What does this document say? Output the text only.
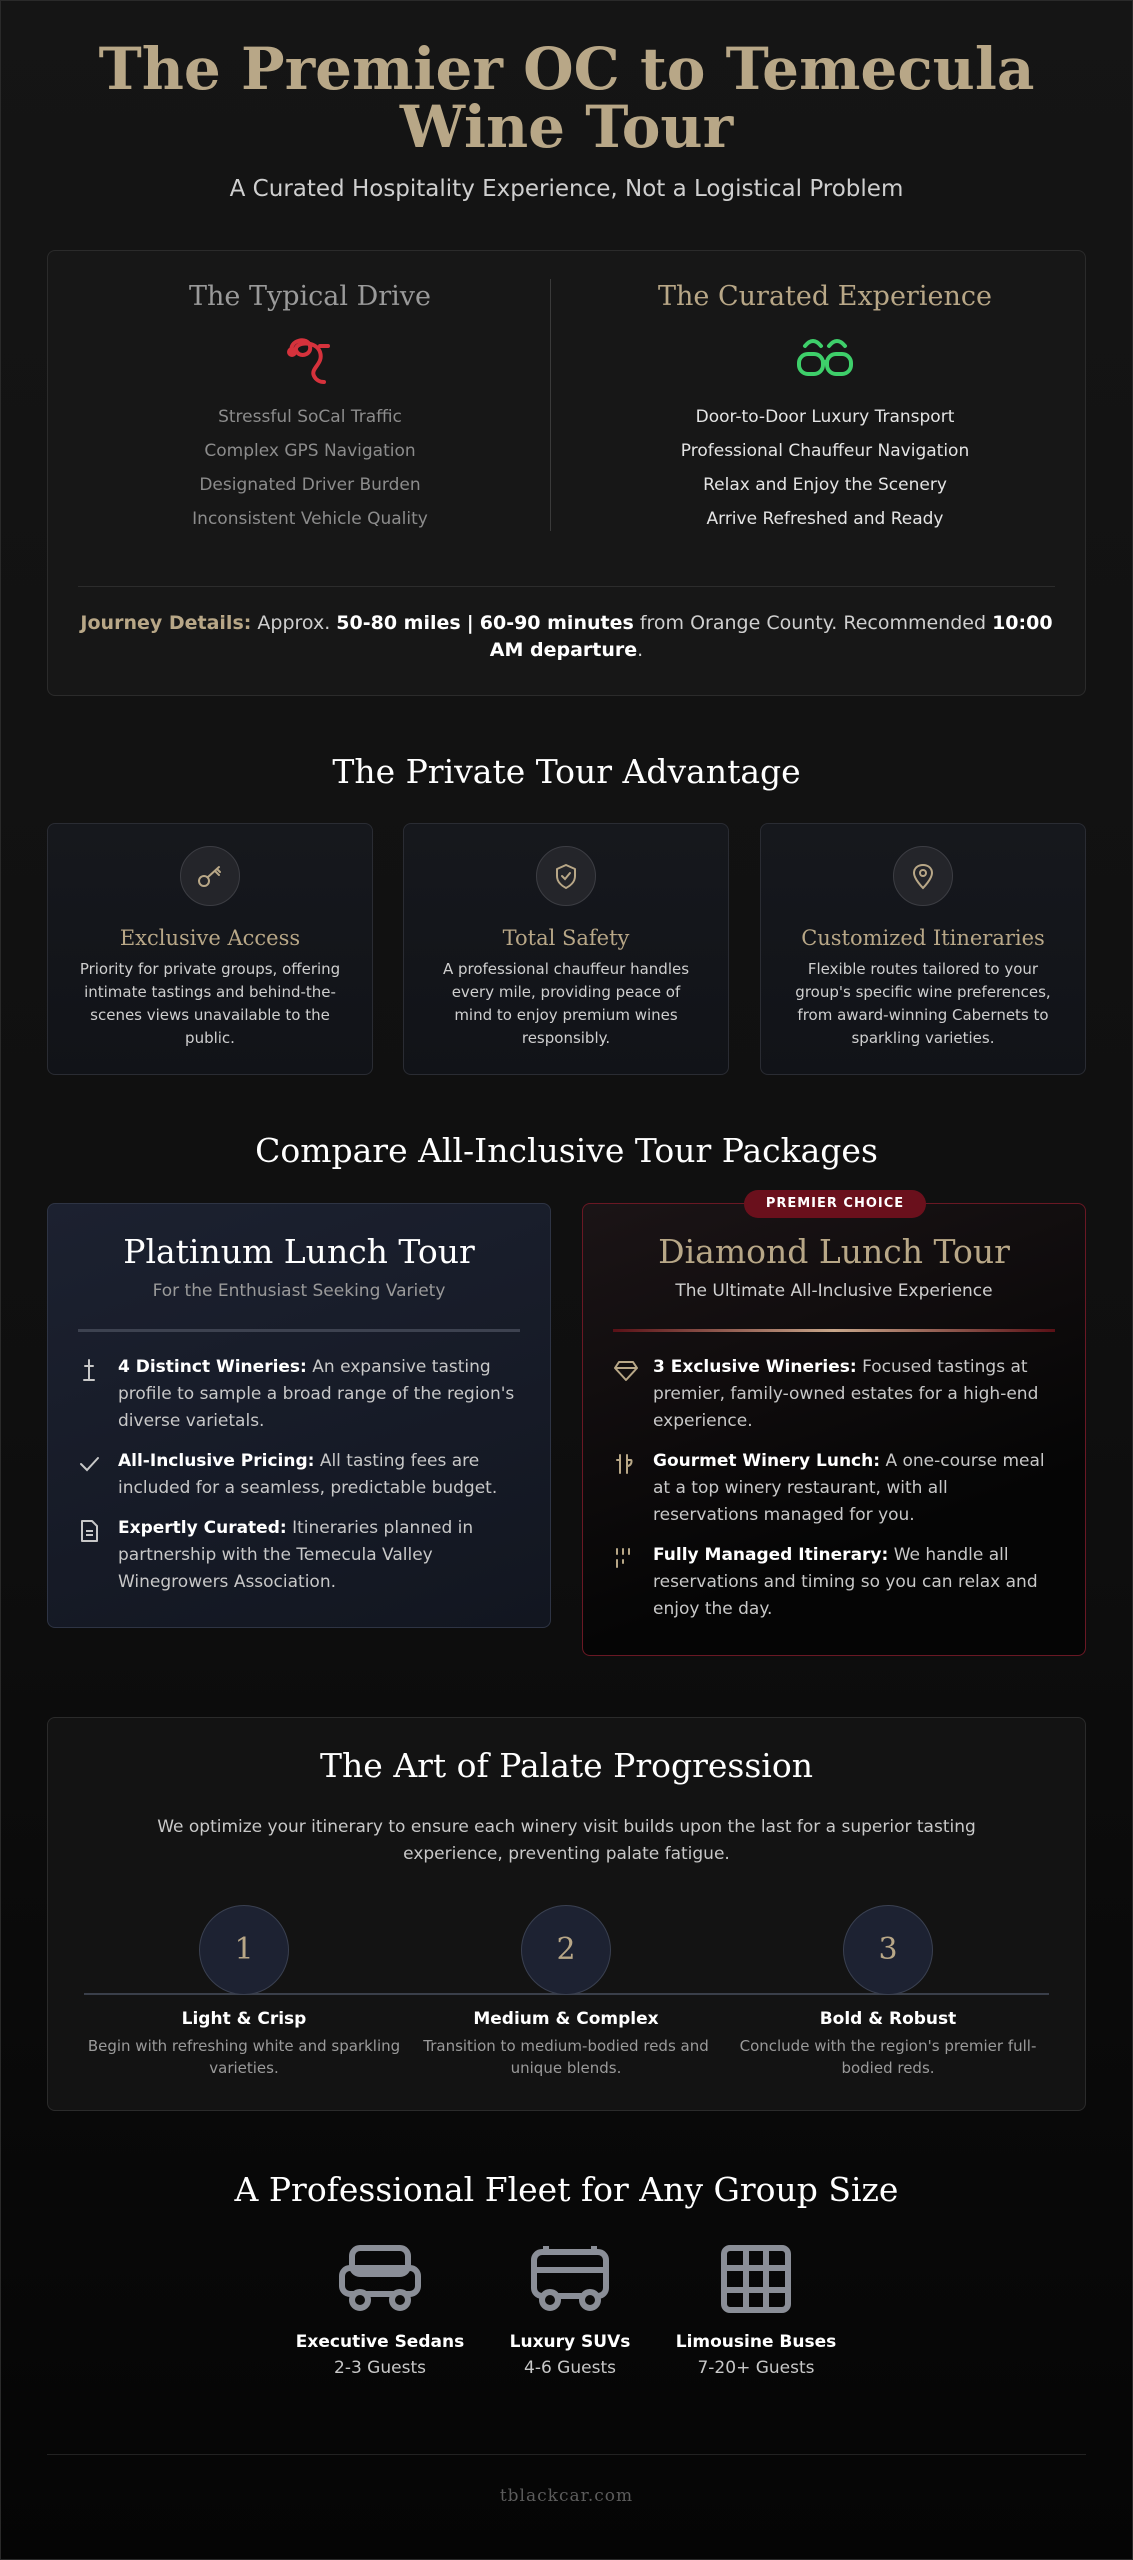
The Premier OC to Temecula
Wine Tour
A Curated Hospitality Experience, Not a Logistical Problem
The Typical Drive
Stressful SoCal Traffic
Complex GPS Navigation
Designated Driver Burden
Inconsistent Vehicle Quality
The Curated Experience
Door-to-Door Luxury Transport
Professional Chauffeur Navigation
Relax and Enjoy the Scenery
Arrive Refreshed and Ready
Journey Details: Approx. 50-80 miles | 60-90 minutes from Orange County. Recommended 10:00 AM departure.
The Private Tour Advantage
Exclusive Access

Priority for private groups, offering intimate tastings and behind-the-scenes views unavailable to the public.

Total Safety

A professional chauffeur handles every mile, providing peace of mind to enjoy premium wines responsibly.

Customized Itineraries

Flexible routes tailored to your group's specific wine preferences, from award-winning Cabernets to sparkling varieties.

Compare All-Inclusive Tour Packages
Platinum Lunch Tour
For the Enthusiast Seeking Variety
4 Distinct Wineries: An expansive tasting profile to sample a broad range of the region's diverse varietals.
All-Inclusive Pricing: All tasting fees are included for a seamless, predictable budget.
Expertly Curated: Itineraries planned in partnership with the Temecula Valley Winegrowers Association.
PREMIER CHOICE
Diamond Lunch Tour
The Ultimate All-Inclusive Experience
3 Exclusive Wineries: Focused tastings at premier, family-owned estates for a high-end experience.
Gourmet Winery Lunch: A one-course meal at a top winery restaurant, with all reservations managed for you.
Fully Managed Itinerary: We handle all reservations and timing so you can relax and enjoy the day.
The Art of Palate Progression
We optimize your itinerary to ensure each winery visit builds upon the last for a superior tasting experience, preventing palate fatigue.
1
Light & Crisp

Begin with refreshing white and sparkling varieties.

2
Medium & Complex

Transition to medium-bodied reds and unique blends.

3
Bold & Robust

Conclude with the region's premier full-bodied reds.

A Professional Fleet for Any Group Size
Executive Sedans
2-3 Guests
Luxury SUVs
4-6 Guests
Limousine Buses
7-20+ Guests
tblackcar.com
